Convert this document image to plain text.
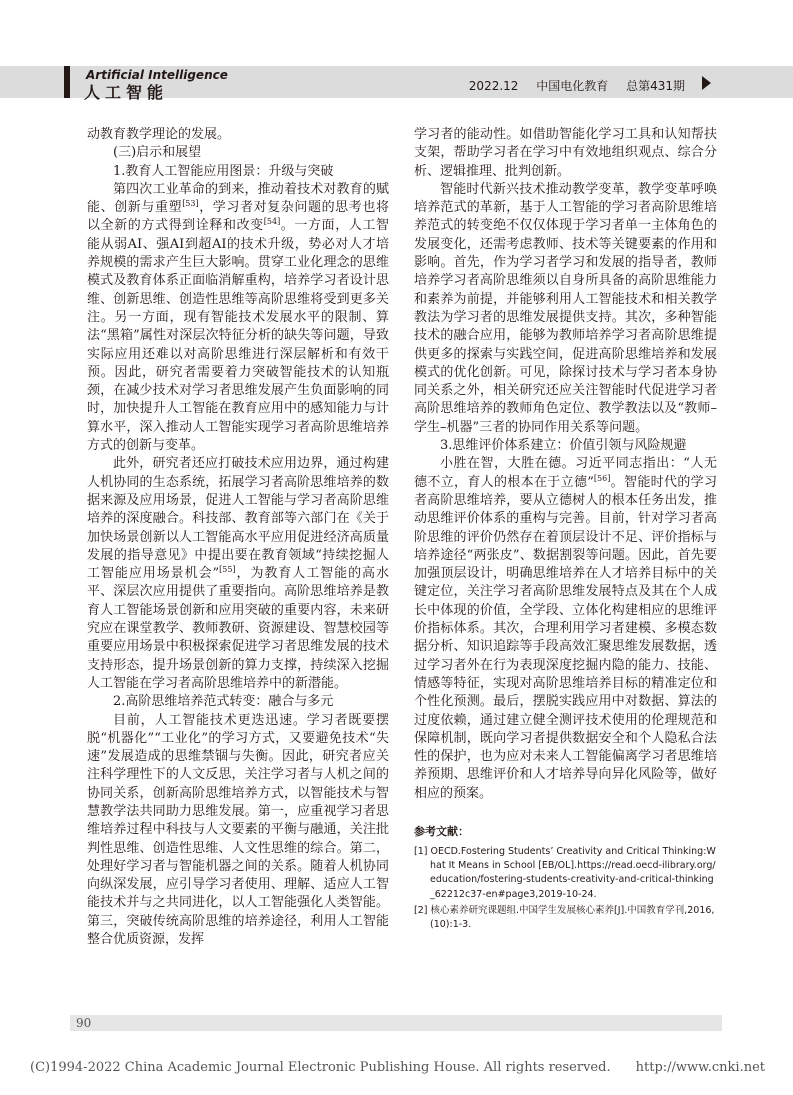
Artificial Intelligence
人工智能	2022.12 中国电化教育 总第431期

动教育教学理论的发展。

(三)启示和展望

1.教育人工智能应用图景：升级与突破

第四次工业革命的到来，推动着技术对教育的赋能、创新与重塑[53]，学习者对复杂问题的思考也将以全新的方式得到诠释和改变[54]。一方面，人工智能从弱AI、强AI到超AI的技术升级，势必对人才培养规模的需求产生巨大影响。贯穿工业化理念的思维模式及教育体系正面临消解重构，培养学习者设计思维、创新思维、创造性思维等高阶思维将受到更多关注。另一方面，现有智能技术发展水平的限制、算法“黑箱”属性对深层次特征分析的缺失等问题，导致实际应用还难以对高阶思维进行深层解析和有效干预。因此，研究者需要着力突破智能技术的认知瓶颈，在减少技术对学习者思维发展产生负面影响的同时，加快提升人工智能在教育应用中的感知能力与计算水平，深入推动人工智能实现学习者高阶思维培养方式的创新与变革。

此外，研究者还应打破技术应用边界，通过构建人机协同的生态系统，拓展学习者高阶思维培养的数据来源及应用场景，促进人工智能与学习者高阶思维培养的深度融合。科技部、教育部等六部门在《关于加快场景创新以人工智能高水平应用促进经济高质量发展的指导意见》中提出要在教育领域“持续挖掘人工智能应用场景机会”[55]，为教育人工智能的高水平、深层次应用提供了重要指向。高阶思维培养是教育人工智能场景创新和应用突破的重要内容，未来研究应在课堂教学、教师教研、资源建设、智慧校园等重要应用场景中积极探索促进学习者思维发展的技术支持形态，提升场景创新的算力支撑，持续深入挖掘人工智能在学习者高阶思维培养中的新潜能。

2.高阶思维培养范式转变：融合与多元

目前，人工智能技术更迭迅速。学习者既要摆脱“机器化”“工业化”的学习方式，又要避免技术“失速”发展造成的思维禁锢与失衡。因此，研究者应关注科学理性下的人文反思，关注学习者与人机之间的协同关系，创新高阶思维培养方式，以智能技术与智慧教学法共同助力思维发展。第一，应重视学习者思维培养过程中科技与人文要素的平衡与融通，关注批判性思维、创造性思维、人文性思维的综合。第二，处理好学习者与智能机器之间的关系。随着人机协同向纵深发展，应引导学习者使用、理解、适应人工智能技术并与之共同进化，以人工智能强化人类智能。第三，突破传统高阶思维的培养途径，利用人工智能整合优质资源，发挥

学习者的能动性。如借助智能化学习工具和认知帮扶支架，帮助学习者在学习中有效地组织观点、综合分析、逻辑推理、批判创新。

智能时代新兴技术推动教学变革，教学变革呼唤培养范式的革新，基于人工智能的学习者高阶思维培养范式的转变绝不仅仅体现于学习者单一主体角色的发展变化，还需考虑教师、技术等关键要素的作用和影响。首先，作为学习者学习和发展的指导者，教师培养学习者高阶思维须以自身所具备的高阶思维能力和素养为前提，并能够利用人工智能技术和相关教学教法为学习者的思维发展提供支持。其次，多种智能技术的融合应用，能够为教师培养学习者高阶思维提供更多的探索与实践空间，促进高阶思维培养和发展模式的优化创新。可见，除探讨技术与学习者本身协同关系之外，相关研究还应关注智能时代促进学习者高阶思维培养的教师角色定位、教学教法以及“教师–学生–机器”三者的协同作用关系等问题。

3.思维评价体系建立：价值引领与风险规避

小胜在智，大胜在德。习近平同志指出：“人无德不立，育人的根本在于立德”[56]。智能时代的学习者高阶思维培养，要从立德树人的根本任务出发，推动思维评价体系的重构与完善。目前，针对学习者高阶思维的评价仍然存在着顶层设计不足、评价指标与培养途径“两张皮”、数据割裂等问题。因此，首先要加强顶层设计，明确思维培养在人才培养目标中的关键定位，关注学习者高阶思维发展特点及其在个人成长中体现的价值，全学段、立体化构建相应的思维评价指标体系。其次，合理利用学习者建模、多模态数据分析、知识追踪等手段高效汇聚思维发展数据，透过学习者外在行为表现深度挖掘内隐的能力、技能、情感等特征，实现对高阶思维培养目标的精准定位和个性化预测。最后，摆脱实践应用中对数据、算法的过度依赖，通过建立健全测评技术使用的伦理规范和保障机制，既向学习者提供数据安全和个人隐私合法性的保护，也为应对未来人工智能偏离学习者思维培养预期、思维评价和人才培养导向异化风险等，做好相应的预案。

参考文献：
[1] OECD.Fostering Students’ Creativity and Critical Thinking:What It Means in School [EB/OL].https://read.oecd-ilibrary.org/education/fostering-students-creativity-and-critical-thinking_62212c37-en#page3,2019-10-24.
[2] 核心素养研究课题组.中国学生发展核心素养[J].中国教育学刊,2016,(10):1-3.
90
(C)1994-2022 China Academic Journal Electronic Publishing House. All rights reserved. http://www.cnki.net
